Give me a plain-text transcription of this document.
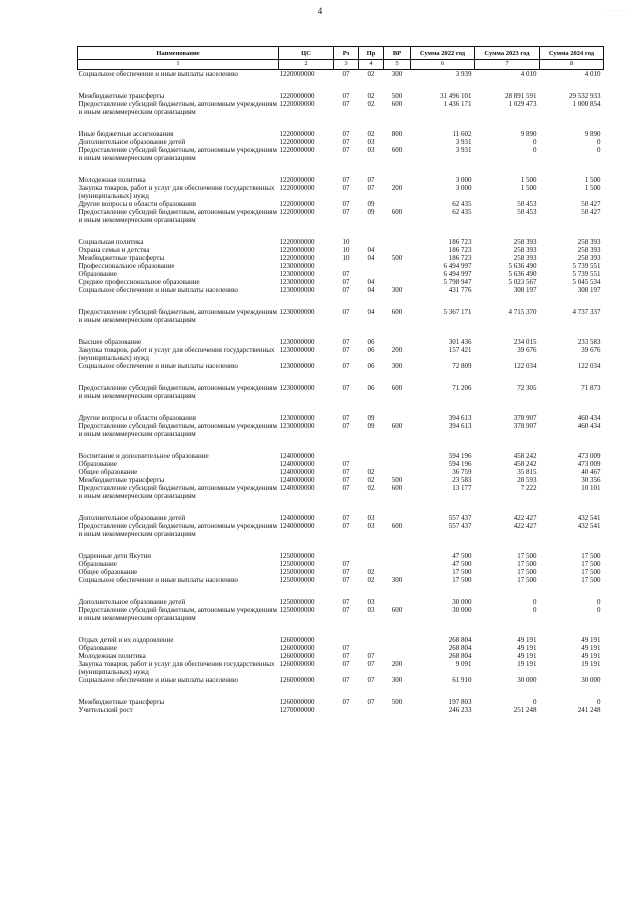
4	· · · · · ·
Наименование	ЦС	Рз	Пр	ВР	Сумма 2022 год	Сумма 2023 год	Сумма 2024 год
1	2	3	4	5	6	7	8
Социальное обеспечение и иные выплаты населению	1220000000	07	02	300	3 939	4 010	4 010

Межбюджетные трансферты	1220000000	07	02	500	31 496 101	28 891 591	29 532 933
Предоставление субсидий бюджетным, автономным учреждениям и иным некоммерческим организациям	1220000000	07	02	600	1 436 171	1 029 473	1 000 854

Иные бюджетные ассигнования	1220000000	07	02	800	11 602	9 890	9 890
Дополнительное образование детей	1220000000	07	03		3 931	0	0
Предоставление субсидий бюджетным, автономным учреждениям и иным некоммерческим организациям	1220000000	07	03	600	3 931	0	0

Молодежная политика	1220000000	07	07		3 000	1 500	1 500
Закупка товаров, работ и услуг для обеспечения государственных (муниципальных) нужд	1220000000	07	07	200	3 000	1 500	1 500
Другие вопросы в области образования	1220000000	07	09		62 435	50 453	50 427
Предоставление субсидий бюджетным, автономным учреждениям и иным некоммерческим организациям	1220000000	07	09	600	62 435	50 453	50 427

Социальная политика	1220000000	10			186 723	258 393	258 393
Охрана семьи и детства	1220000000	10	04		186 723	258 393	258 393
Межбюджетные трансферты	1220000000	10	04	500	186 723	258 393	258 393
Профессиональное образование	1230000000				6 494 997	5 636 490	5 739 551
Образование	1230000000	07			6 494 997	5 636 490	5 739 551
Среднее профессиональное образование	1230000000	07	04		5 798 947	5 023 567	5 045 534
Социальное обеспечение и иные выплаты населению	1230000000	07	04	300	431 776	308 197	308 197

Предоставление субсидий бюджетным, автономным учреждениям и иным некоммерческим организациям	1230000000	07	04	600	5 367 171	4 715 370	4 737 337

Высшее образование	1230000000	07	06		301 436	234 015	233 583
Закупка товаров, работ и услуг для обеспечения государственных (муниципальных) нужд	1230000000	07	06	200	157 421	39 676	39 676
Социальное обеспечение и иные выплаты населению	1230000000	07	06	300	72 809	122 034	122 034

Предоставление субсидий бюджетным, автономным учреждениям и иным некоммерческим организациям	1230000000	07	06	600	71 206	72 305	71 873

Другие вопросы в области образования	1230000000	07	09		394 613	378 907	460 434
Предоставление субсидий бюджетным, автономным учреждениям и иным некоммерческим организациям	1230000000	07	09	600	394 613	378 907	460 434

Воспитание и дополнительное образование	1240000000				594 196	458 242	473 009
Образование	1240000000	07			594 196	458 242	473 009
Общее образование	1240000000	07	02		36 759	35 815	40 467
Межбюджетные трансферты	1240000000	07	02	500	23 583	28 593	30 356
Предоставление субсидий бюджетным, автономным учреждениям и иным некоммерческим организациям	1240000000	07	02	600	13 177	7 222	10 101

Дополнительное образование детей	1240000000	07	03		557 437	422 427	432 541
Предоставление субсидий бюджетным, автономным учреждениям и иным некоммерческим организациям	1240000000	07	03	600	557 437	422 427	432 541

Одаренные дети Якутии	1250000000				47 500	17 500	17 500
Образование	1250000000	07			47 500	17 500	17 500
Общее образование	1250000000	07	02		17 500	17 500	17 500
Социальное обеспечение и иные выплаты населению	1250000000	07	02	300	17 500	17 500	17 500

Дополнительное образование детей	1250000000	07	03		30 000	0	0
Предоставление субсидий бюджетным, автономным учреждениям и иным некоммерческим организациям	1250000000	07	03	600	30 000	0	0

Отдых детей и их оздоровление	1260000000				268 804	49 191	49 191
Образование	1260000000	07			268 804	49 191	49 191
Молодежная политика	1260000000	07	07		268 804	49 191	49 191
Закупка товаров, работ и услуг для обеспечения государственных (муниципальных) нужд	1260000000	07	07	200	9 091	19 191	19 191
Социальное обеспечение и иные выплаты населению	1260000000	07	07	300	61 910	30 000	30 000

Межбюджетные трансферты	1260000000	07	07	500	197 803	0	0
Учительский рост	1270000000				246 233	251 248	241 248
